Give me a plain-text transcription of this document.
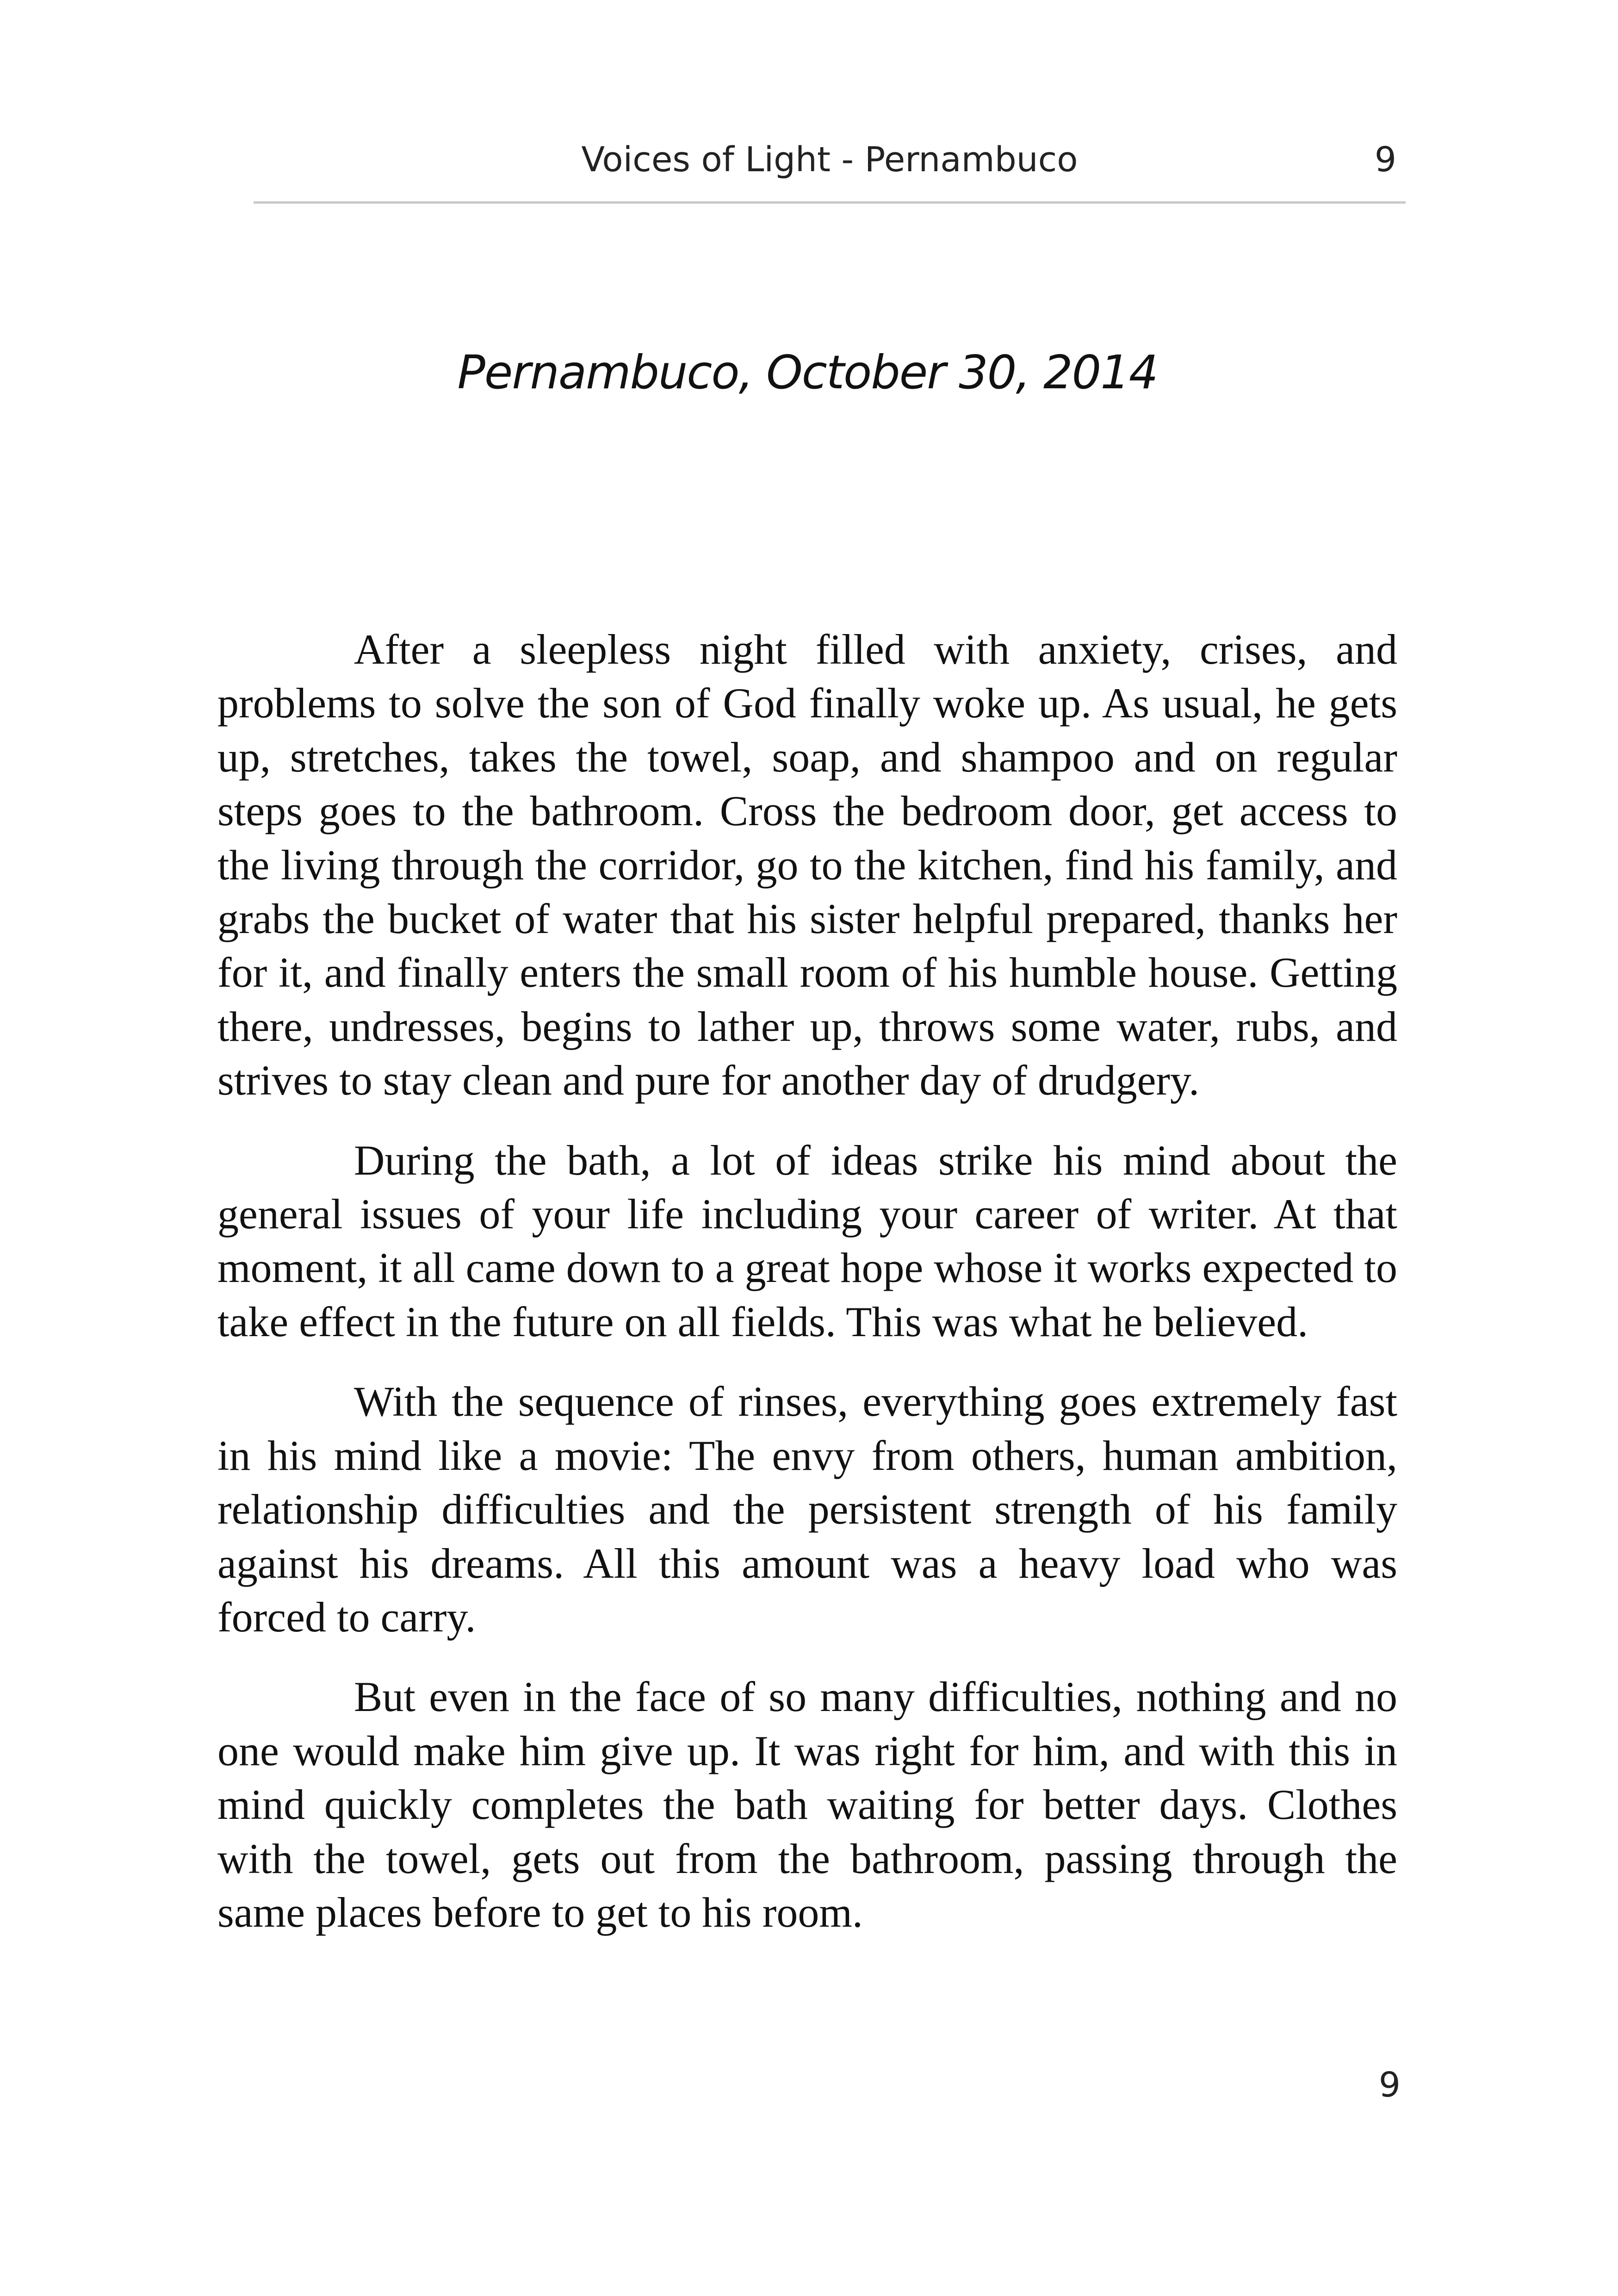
Voices of Light - Pernambuco	9
Pernambuco, October 30, 2014

After a sleepless night filled with anxiety, crises, and problems to solve the son of God finally woke up. As usual, he gets up, stretches, takes the towel, soap, and shampoo and on regular steps goes to the bathroom. Cross the bedroom door, get access to the living through the corridor, go to the kitchen, find his family, and grabs the bucket of water that his sister helpful prepared, thanks her for it, and finally enters the small room of his humble house. Getting there, undresses, begins to lather up, throws some water, rubs, and strives to stay clean and pure for another day of drudgery.

During the bath, a lot of ideas strike his mind about the general issues of your life including your career of writer. At that moment, it all came down to a great hope whose it works expected to take effect in the future on all fields. This was what he believed.

With the sequence of rinses, everything goes extremely fast in his mind like a movie: The envy from others, human ambition, relationship difficulties and the persistent strength of his family against his dreams. All this amount was a heavy load who was forced to carry.

But even in the face of so many difficulties, nothing and no one would make him give up. It was right for him, and with this in mind quickly completes the bath waiting for better days. Clothes with the towel, gets out from the bathroom, passing through the same places before to get to his room.

9
